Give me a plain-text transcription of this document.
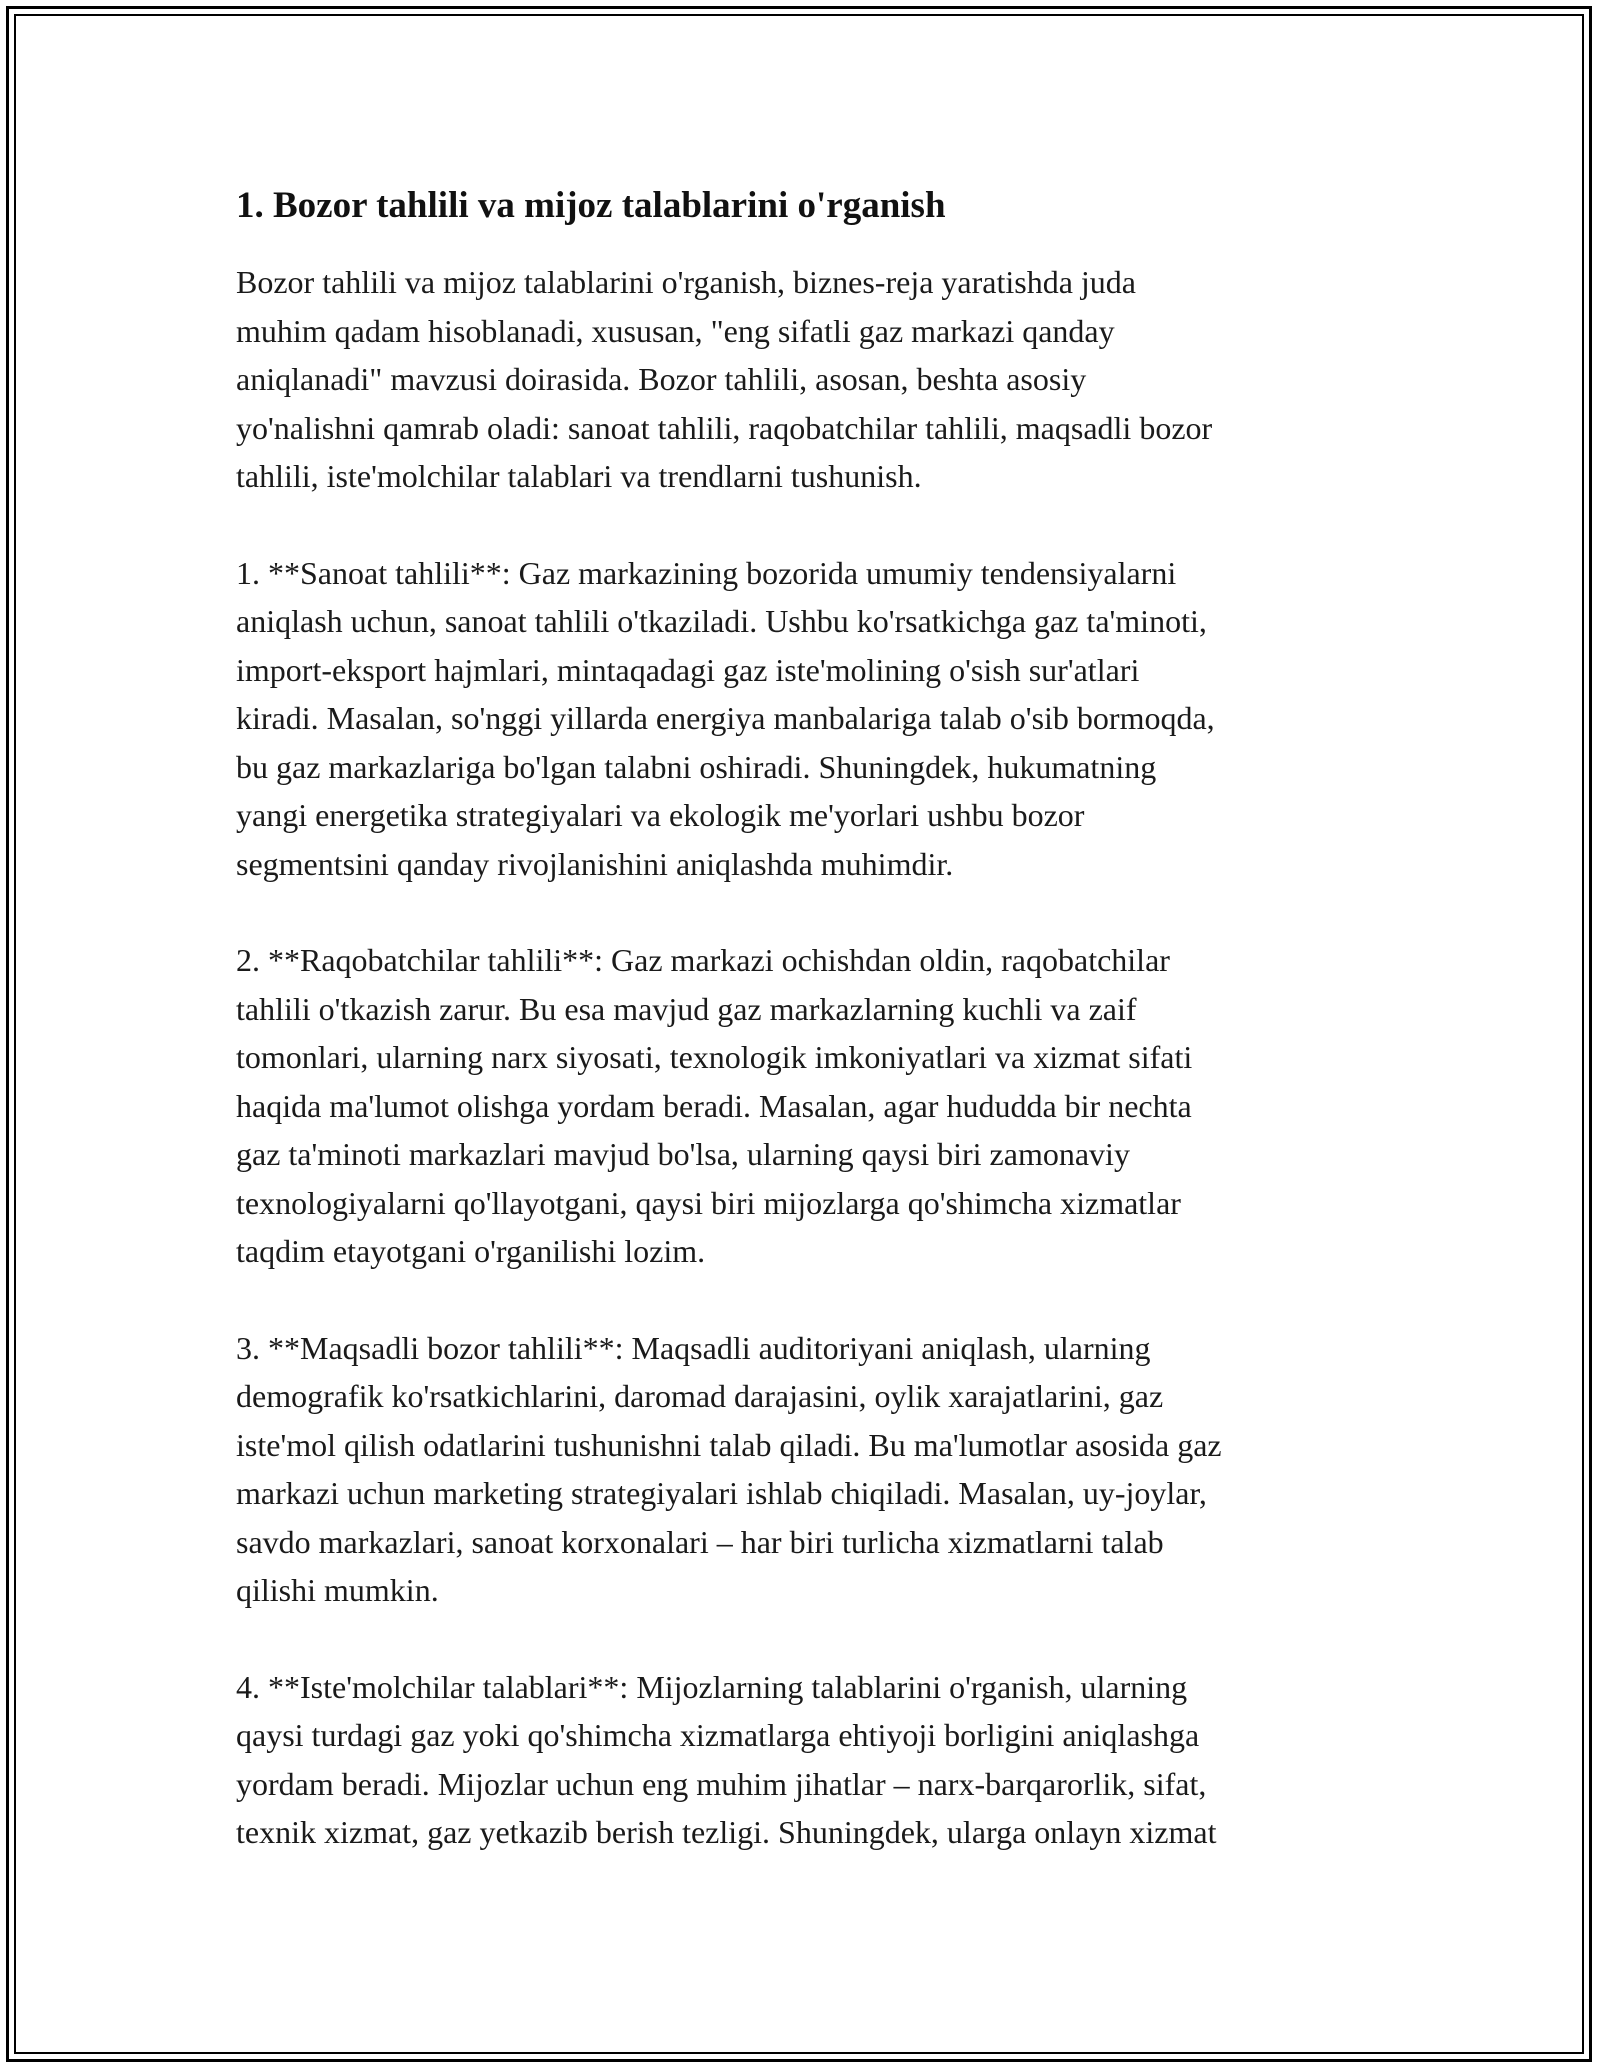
1. Bozor tahlili va mijoz talablarini o'rganish

Bozor tahlili va mijoz talablarini o'rganish, biznes-reja yaratishda juda
muhim qadam hisoblanadi, xususan, "eng sifatli gaz markazi qanday
aniqlanadi" mavzusi doirasida. Bozor tahlili, asosan, beshta asosiy
yo'nalishni qamrab oladi: sanoat tahlili, raqobatchilar tahlili, maqsadli bozor
tahlili, iste'molchilar talablari va trendlarni tushunish.

1. **Sanoat tahlili**: Gaz markazining bozorida umumiy tendensiyalarni
aniqlash uchun, sanoat tahlili o'tkaziladi. Ushbu ko'rsatkichga gaz ta'minoti,
import-eksport hajmlari, mintaqadagi gaz iste'molining o'sish sur'atlari
kiradi. Masalan, so'nggi yillarda energiya manbalariga talab o'sib bormoqda,
bu gaz markazlariga bo'lgan talabni oshiradi. Shuningdek, hukumatning
yangi energetika strategiyalari va ekologik me'yorlari ushbu bozor
segmentsini qanday rivojlanishini aniqlashda muhimdir.

2. **Raqobatchilar tahlili**: Gaz markazi ochishdan oldin, raqobatchilar
tahlili o'tkazish zarur. Bu esa mavjud gaz markazlarning kuchli va zaif
tomonlari, ularning narx siyosati, texnologik imkoniyatlari va xizmat sifati
haqida ma'lumot olishga yordam beradi. Masalan, agar hududda bir nechta
gaz ta'minoti markazlari mavjud bo'lsa, ularning qaysi biri zamonaviy
texnologiyalarni qo'llayotgani, qaysi biri mijozlarga qo'shimcha xizmatlar
taqdim etayotgani o'rganilishi lozim.

3. **Maqsadli bozor tahlili**: Maqsadli auditoriyani aniqlash, ularning
demografik ko'rsatkichlarini, daromad darajasini, oylik xarajatlarini, gaz
iste'mol qilish odatlarini tushunishni talab qiladi. Bu ma'lumotlar asosida gaz
markazi uchun marketing strategiyalari ishlab chiqiladi. Masalan, uy-joylar,
savdo markazlari, sanoat korxonalari – har biri turlicha xizmatlarni talab
qilishi mumkin.

4. **Iste'molchilar talablari**: Mijozlarning talablarini o'rganish, ularning
qaysi turdagi gaz yoki qo'shimcha xizmatlarga ehtiyoji borligini aniqlashga
yordam beradi. Mijozlar uchun eng muhim jihatlar – narx-barqarorlik, sifat,
texnik xizmat, gaz yetkazib berish tezligi. Shuningdek, ularga onlayn xizmat
